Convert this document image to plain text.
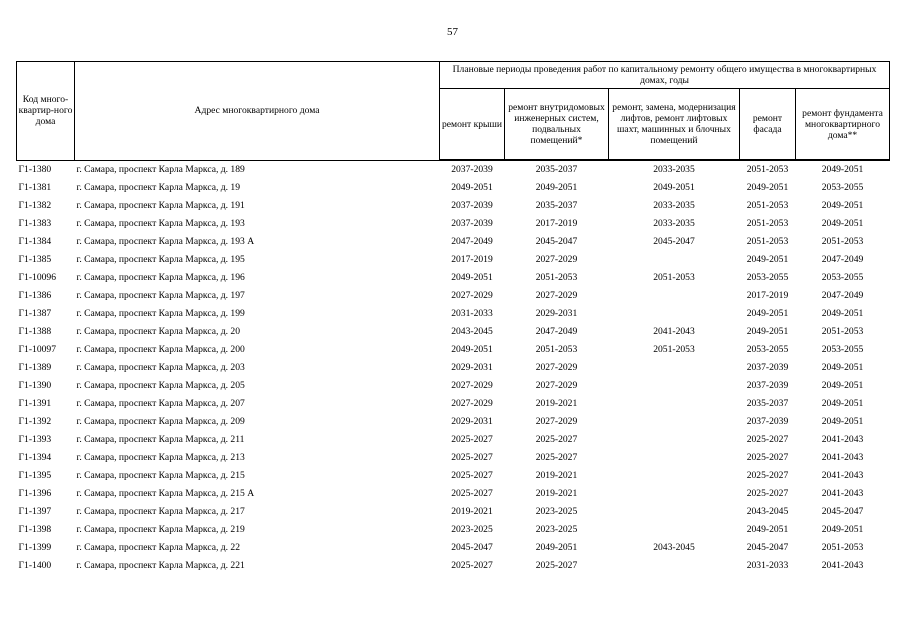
57
Код много-квартир-ного дома	Адрес многоквартирного дома	Плановые периоды проведения работ по капитальному ремонту общего имущества в многоквартирных домах, годы				
		ремонт крыши	ремонт внутридомовых инженерных систем, подвальных помещений*	ремонт, замена, модернизация лифтов, ремонт лифтовых шахт, машинных и блочных помещений	ремонт фасада	ремонт фундамента многоквартирного дома**
Г1-1380	г. Самара, проспект Карла Маркса, д. 189	2037-2039	2035-2037	2033-2035	2051-2053	2049-2051
Г1-1381	г. Самара, проспект Карла Маркса, д. 19	2049-2051	2049-2051	2049-2051	2049-2051	2053-2055
Г1-1382	г. Самара, проспект Карла Маркса, д. 191	2037-2039	2035-2037	2033-2035	2051-2053	2049-2051
Г1-1383	г. Самара, проспект Карла Маркса, д. 193	2037-2039	2017-2019	2033-2035	2051-2053	2049-2051
Г1-1384	г. Самара, проспект Карла Маркса, д. 193 А	2047-2049	2045-2047	2045-2047	2051-2053	2051-2053
Г1-1385	г. Самара, проспект Карла Маркса, д. 195	2017-2019	2027-2029		2049-2051	2047-2049
Г1-10096	г. Самара, проспект Карла Маркса, д. 196	2049-2051	2051-2053	2051-2053	2053-2055	2053-2055
Г1-1386	г. Самара, проспект Карла Маркса, д. 197	2027-2029	2027-2029		2017-2019	2047-2049
Г1-1387	г. Самара, проспект Карла Маркса, д. 199	2031-2033	2029-2031		2049-2051	2049-2051
Г1-1388	г. Самара, проспект Карла Маркса, д. 20	2043-2045	2047-2049	2041-2043	2049-2051	2051-2053
Г1-10097	г. Самара, проспект Карла Маркса, д. 200	2049-2051	2051-2053	2051-2053	2053-2055	2053-2055
Г1-1389	г. Самара, проспект Карла Маркса, д. 203	2029-2031	2027-2029		2037-2039	2049-2051
Г1-1390	г. Самара, проспект Карла Маркса, д. 205	2027-2029	2027-2029		2037-2039	2049-2051
Г1-1391	г. Самара, проспект Карла Маркса, д. 207	2027-2029	2019-2021		2035-2037	2049-2051
Г1-1392	г. Самара, проспект Карла Маркса, д. 209	2029-2031	2027-2029		2037-2039	2049-2051
Г1-1393	г. Самара, проспект Карла Маркса, д. 211	2025-2027	2025-2027		2025-2027	2041-2043
Г1-1394	г. Самара, проспект Карла Маркса, д. 213	2025-2027	2025-2027		2025-2027	2041-2043
Г1-1395	г. Самара, проспект Карла Маркса, д. 215	2025-2027	2019-2021		2025-2027	2041-2043
Г1-1396	г. Самара, проспект Карла Маркса, д. 215 А	2025-2027	2019-2021		2025-2027	2041-2043
Г1-1397	г. Самара, проспект Карла Маркса, д. 217	2019-2021	2023-2025		2043-2045	2045-2047
Г1-1398	г. Самара, проспект Карла Маркса, д. 219	2023-2025	2023-2025		2049-2051	2049-2051
Г1-1399	г. Самара, проспект Карла Маркса, д. 22	2045-2047	2049-2051	2043-2045	2045-2047	2051-2053
Г1-1400	г. Самара, проспект Карла Маркса, д. 221	2025-2027	2025-2027		2031-2033	2041-2043
